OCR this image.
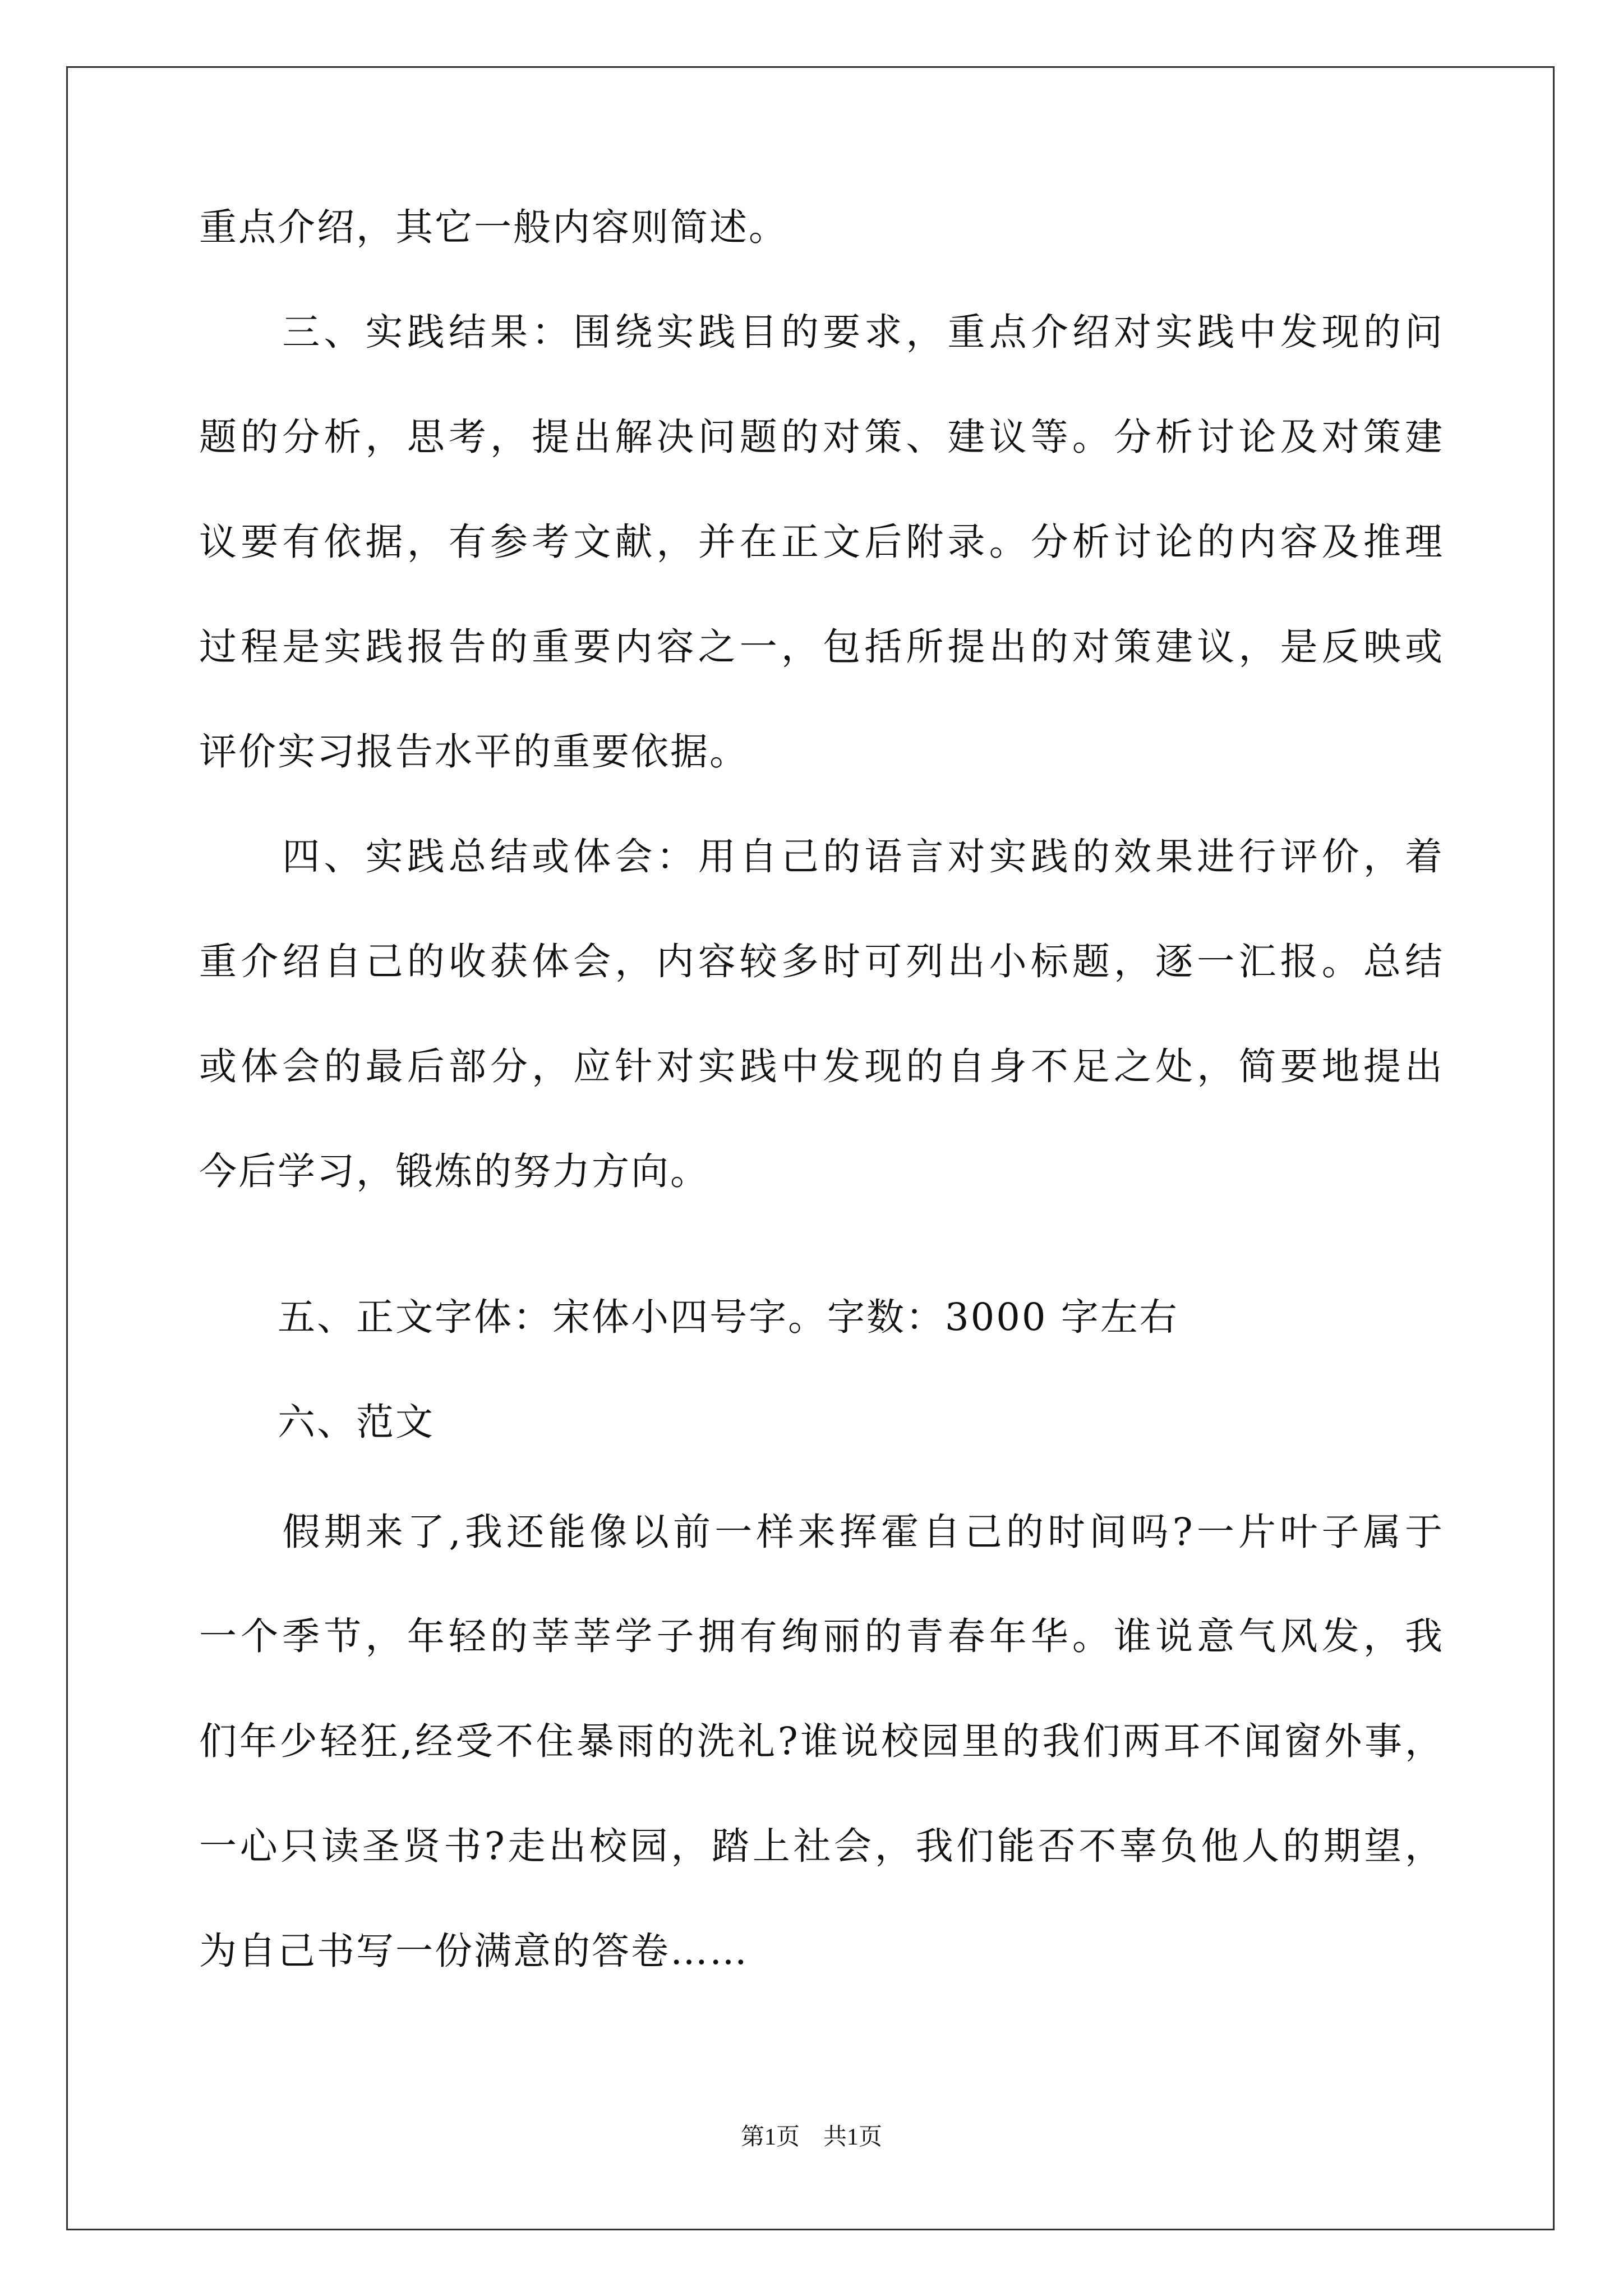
重点介绍，其它一般内容则简述。
　　三、实践结果：围绕实践目的要求，重点介绍对实践中发现的问
题的分析，思考，提出解决问题的对策、建议等。分析讨论及对策建
议要有依据，有参考文献，并在正文后附录。分析讨论的内容及推理
过程是实践报告的重要内容之一，包括所提出的对策建议，是反映或
评价实习报告水平的重要依据。
　　四、实践总结或体会：用自己的语言对实践的效果进行评价，着
重介绍自己的收获体会，内容较多时可列出小标题，逐一汇报。总结
或体会的最后部分，应针对实践中发现的自身不足之处，简要地提出
今后学习，锻炼的努力方向。
　　五、正文字体：宋体小四号字。字数：3000 字左右
　　六、范文
　　假期来了,我还能像以前一样来挥霍自己的时间吗?一片叶子属于
一个季节，年轻的莘莘学子拥有绚丽的青春年华。谁说意气风发，我
们年少轻狂,经受不住暴雨的洗礼?谁说校园里的我们两耳不闻窗外事，
一心只读圣贤书?走出校园，踏上社会，我们能否不辜负他人的期望，
为自己书写一份满意的答卷……
第1页　共1页
